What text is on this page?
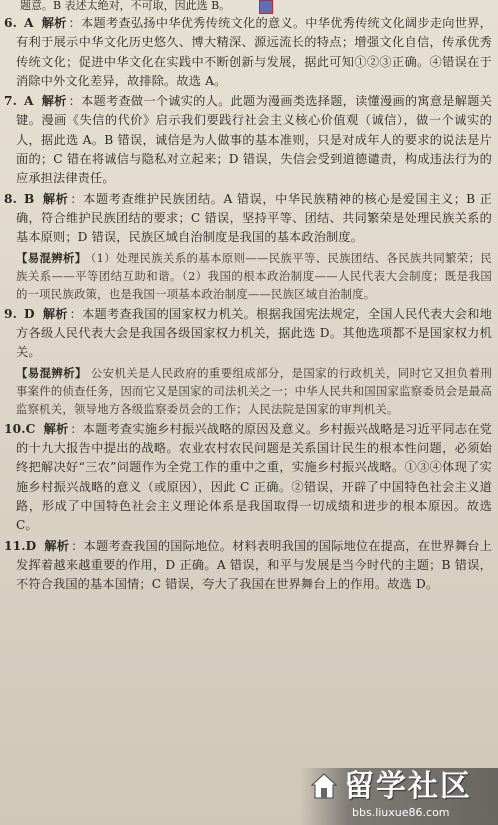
题意。B 表述太绝对，不可取，因此选 B。

6. A 解析 ：本题考查弘扬中华优秀传统文化的意义。中华优秀传统文化阔步走向世界，有利于展示中华文化历史悠久、博大精深、源远流长的特点；增强文化自信，传承优秀传统文化；促进中华文化在实践中不断创新与发展，据此可知①②③正确。④错误在于消除中外文化差异，故排除。故选 A。

7. A 解析 ：本题考查做一个诚实的人。此题为漫画类选择题，读懂漫画的寓意是解题关键。漫画《失信的代价》启示我们要践行社会主义核心价值观（诚信），做一个诚实的人，据此选 A。B 错误，诚信是为人做事的基本准则，只是对成年人的要求的说法是片面的；C 错在将诚信与隐私对立起来；D 错误，失信会受到道德谴责，构成违法行为的应承担法律责任。

8. B 解析 ：本题考查维护民族团结。A 错误，中华民族精神的核心是爱国主义；B 正确，符合维护民族团结的要求；C 错误，坚持平等、团结、共同繁荣是处理民族关系的基本原则；D 错误，民族区域自治制度是我国的基本政治制度。

【易混辨析】 （1）处理民族关系的基本原则——民族平等、民族团结、各民族共同繁荣；民族关系——平等团结互助和谐。（2）我国的根本政治制度——人民代表大会制度；既是我国的一项民族政策，也是我国一项基本政治制度——民族区域自治制度。

9. D 解析 ：本题考查我国的国家权力机关。根据我国宪法规定，全国人民代表大会和地方各级人民代表大会是我国各级国家权力机关，据此选 D。其他选项都不是国家权力机关。

【易混辨析】 公安机关是人民政府的重要组成部分，是国家的行政机关，同时它又担负着刑事案件的侦查任务，因而它又是国家的司法机关之一；中华人民共和国国家监察委员会是最高监察机关，领导地方各级监察委员会的工作；人民法院是国家的审判机关。

10.C 解析 ：本题考查实施乡村振兴战略的原因及意义。乡村振兴战略是习近平同志在党的十九大报告中提出的战略。农业农村农民问题是关系国计民生的根本性问题，必须始终把解决好“三农”问题作为全党工作的重中之重，实施乡村振兴战略。①③④体现了实施乡村振兴战略的意义（或原因），因此 C 正确。②错误，开辟了中国特色社会主义道路，形成了中国特色社会主义理论体系是我国取得一切成绩和进步的根本原因。故选 C。

11.D 解析 ：本题考查我国的国际地位。材料表明我国的国际地位在提高，在世界舞台上发挥着越来越重要的作用，D 正确。A 错误，和平与发展是当今时代的主题；B 错误，不符合我国的基本国情；C 错误，夸大了我国在世界舞台上的作用。故选 D。

留学社区
bbs.liuxue86.com
